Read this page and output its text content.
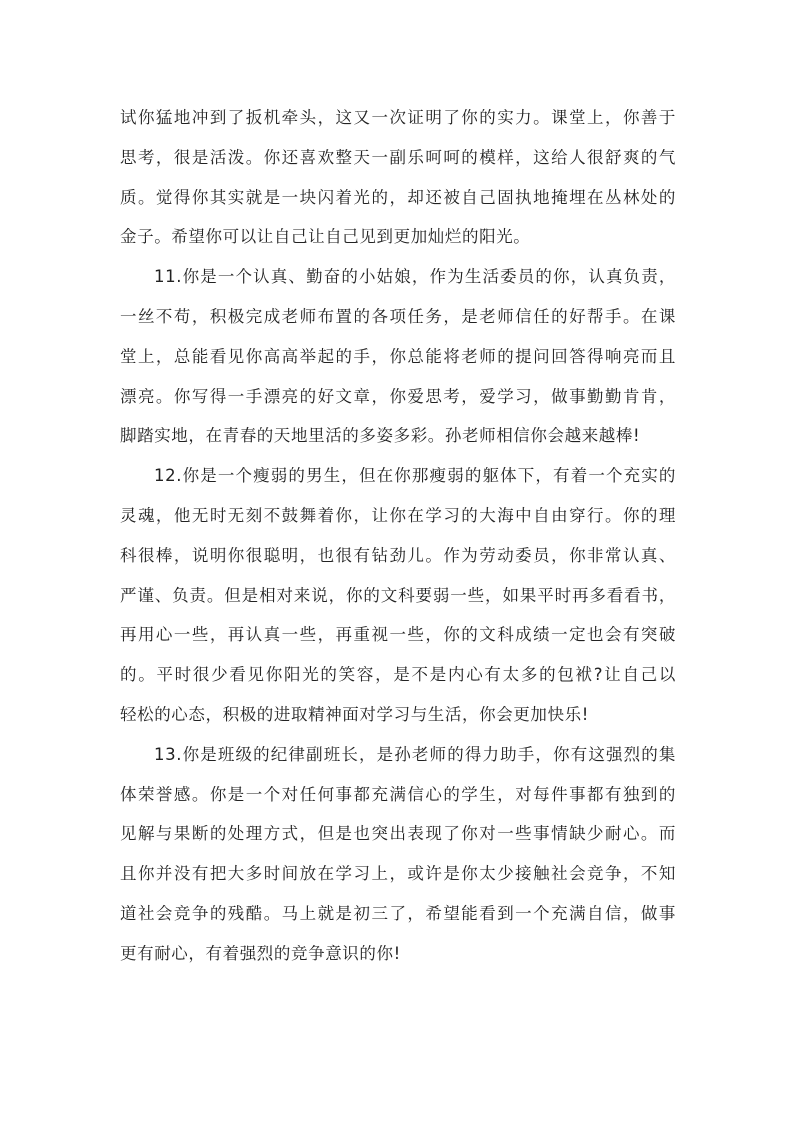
试你猛地冲到了扳机牵头，这又一次证明了你的实力。课堂上，你善于
思考，很是活泼。你还喜欢整天一副乐呵呵的模样，这给人很舒爽的气
质。觉得你其实就是一块闪着光的，却还被自己固执地掩埋在丛林处的
金子。希望你可以让自己让自己见到更加灿烂的阳光。
11.你是一个认真、勤奋的小姑娘，作为生活委员的你，认真负责，
一丝不苟，积极完成老师布置的各项任务，是老师信任的好帮手。在课
堂上，总能看见你高高举起的手，你总能将老师的提问回答得响亮而且
漂亮。你写得一手漂亮的好文章，你爱思考，爱学习，做事勤勤肯肯，
脚踏实地，在青春的天地里活的多姿多彩。孙老师相信你会越来越棒!
12.你是一个瘦弱的男生，但在你那瘦弱的躯体下，有着一个充实的
灵魂，他无时无刻不鼓舞着你，让你在学习的大海中自由穿行。你的理
科很棒，说明你很聪明，也很有钻劲儿。作为劳动委员，你非常认真、
严谨、负责。但是相对来说，你的文科要弱一些，如果平时再多看看书，
再用心一些，再认真一些，再重视一些，你的文科成绩一定也会有突破
的。平时很少看见你阳光的笑容，是不是内心有太多的包袱?让自己以
轻松的心态，积极的进取精神面对学习与生活，你会更加快乐!
13.你是班级的纪律副班长，是孙老师的得力助手，你有这强烈的集
体荣誉感。你是一个对任何事都充满信心的学生，对每件事都有独到的
见解与果断的处理方式，但是也突出表现了你对一些事情缺少耐心。而
且你并没有把大多时间放在学习上，或许是你太少接触社会竞争，不知
道社会竞争的残酷。马上就是初三了，希望能看到一个充满自信，做事
更有耐心，有着强烈的竞争意识的你!
